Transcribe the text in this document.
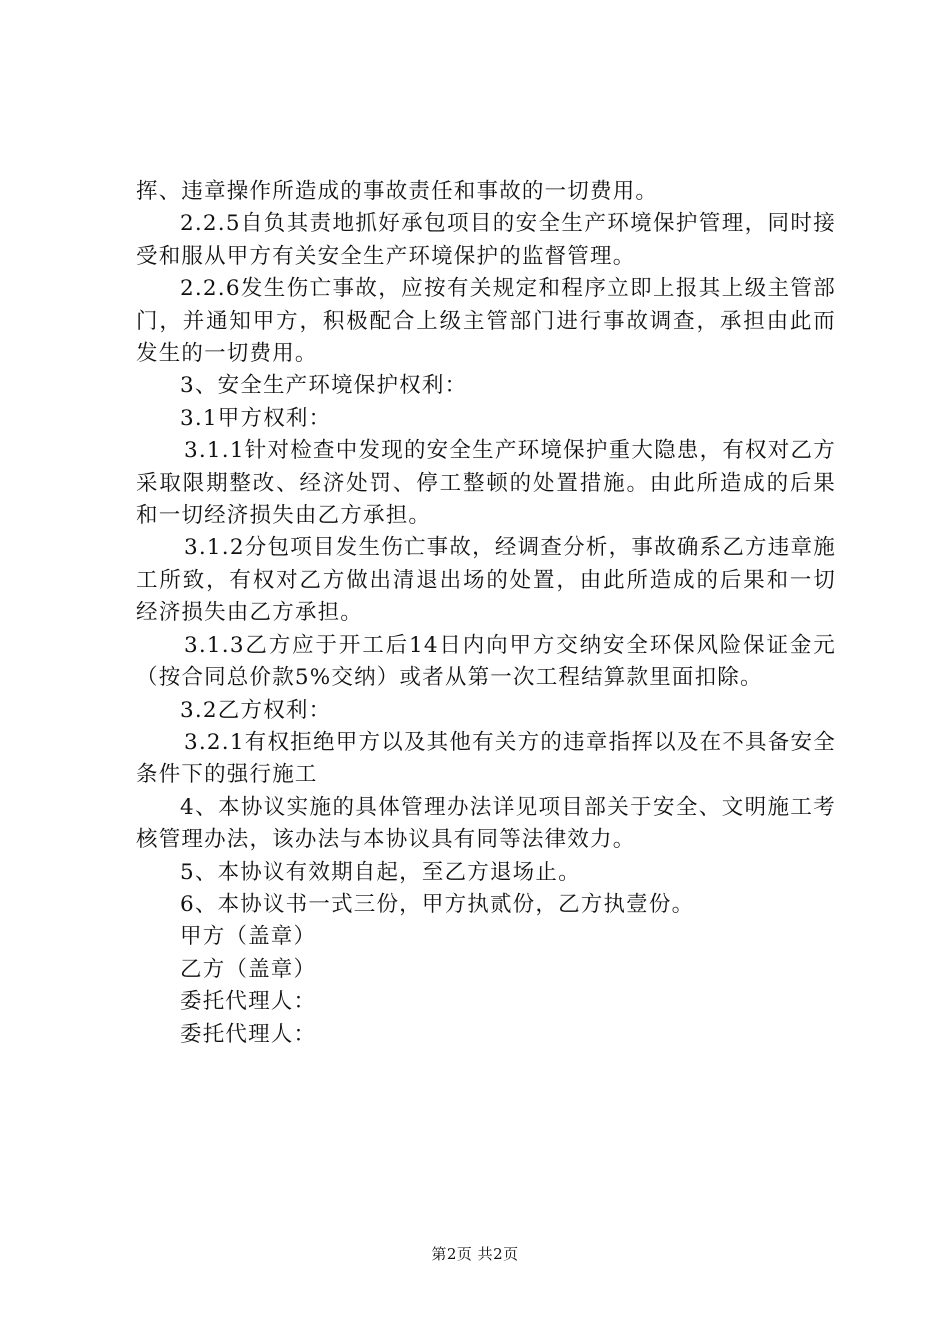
挥、违章操作所造成的事故责任和事故的一切费用。

2.2.5自负其责地抓好承包项目的安全生产环境保护管理，同时接受和服从甲方有关安全生产环境保护的监督管理。

2.2.6发生伤亡事故，应按有关规定和程序立即上报其上级主管部门，并通知甲方，积极配合上级主管部门进行事故调查，承担由此而发生的一切费用。

3、安全生产环境保护权利：

3.1甲方权利：

3.1.1针对检查中发现的安全生产环境保护重大隐患，有权对乙方采取限期整改、经济处罚、停工整顿的处置措施。由此所造成的后果和一切经济损失由乙方承担。

3.1.2分包项目发生伤亡事故，经调查分析，事故确系乙方违章施工所致，有权对乙方做出清退出场的处置，由此所造成的后果和一切经济损失由乙方承担。

3.1.3乙方应于开工后14日内向甲方交纳安全环保风险保证金元（按合同总价款5%交纳）或者从第一次工程结算款里面扣除。

3.2乙方权利：

3.2.1有权拒绝甲方以及其他有关方的违章指挥以及在不具备安全条件下的强行施工

4、本协议实施的具体管理办法详见项目部关于安全、文明施工考核管理办法，该办法与本协议具有同等法律效力。

5、本协议有效期自起，至乙方退场止。

6、本协议书一式三份，甲方执贰份，乙方执壹份。

甲方（盖章）

乙方（盖章）

委托代理人：

委托代理人：

第2页 共2页
